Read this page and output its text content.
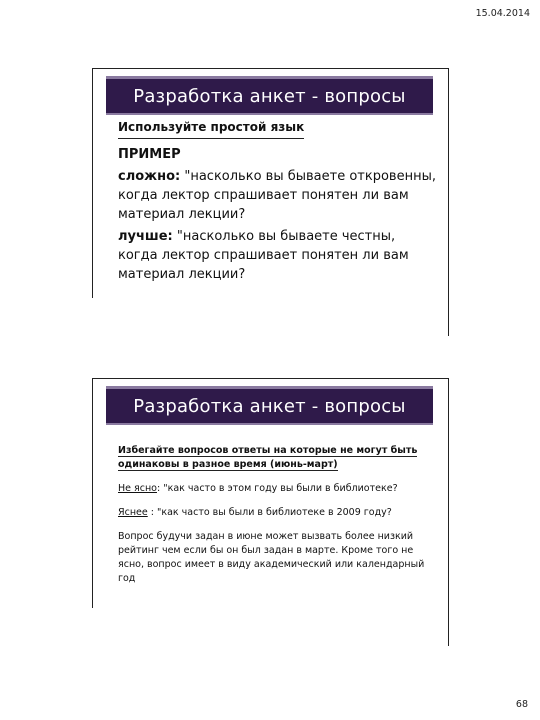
15.04.2014
Разработка анкет - вопросы
Используйте простой язык
ПРИМЕР

сложно: "насколько вы бываете откровенны, когда лектор спрашивает понятен ли вам материал лекции?

лучше: "насколько вы бываете честны, когда лектор спрашивает понятен ли вам материал лекции?

Разработка анкет - вопросы
Избегайте вопросов ответы на которые не могут быть
одинаковы в разное время (июнь-март)
Не ясно: "как часто в этом году вы были в библиотеке?
Яснее : "как часто вы были в библиотеке в 2009 году?
Вопрос будучи задан в июне может вызвать более низкий рейтинг чем если бы он был задан в марте. Кроме того не ясно, вопрос имеет в виду академический или календарный год
68
